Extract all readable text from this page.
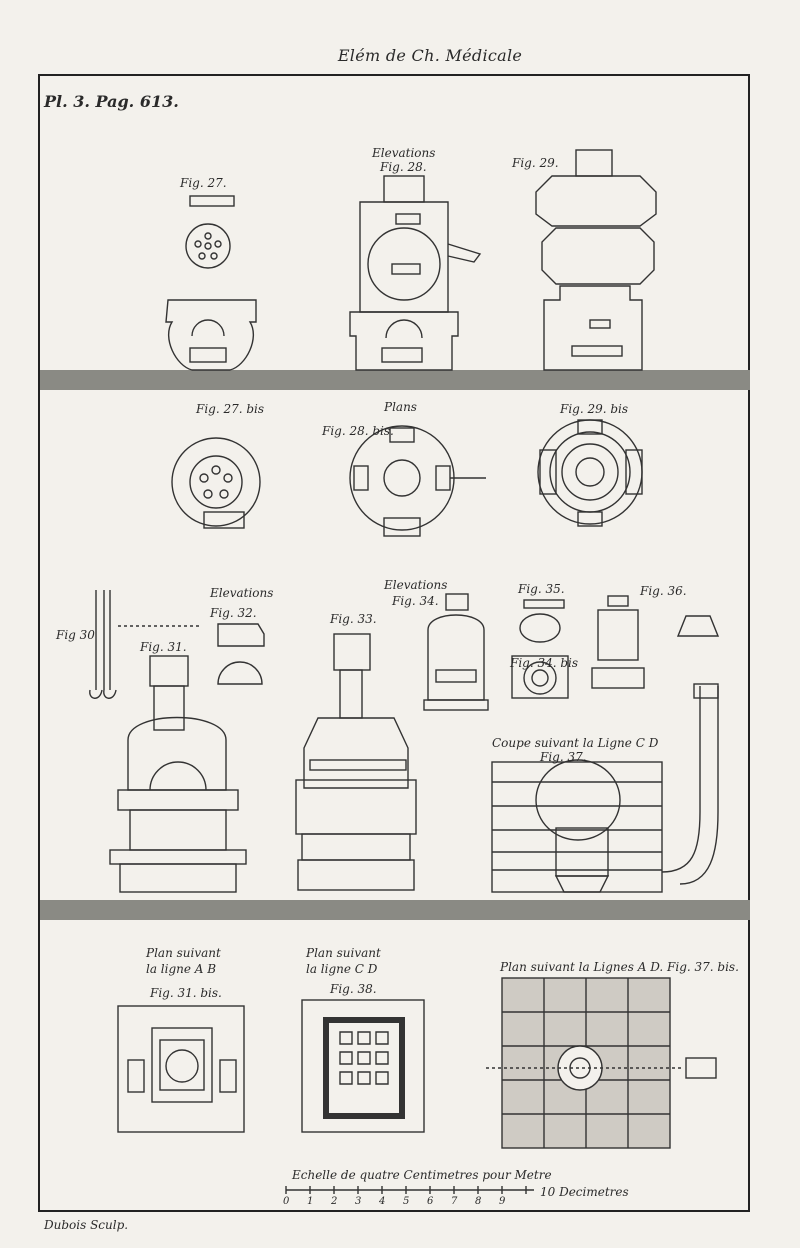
Elém de Ch. Médicale
Pl. 3. Pag. 613.
Fig. 27.
Elevations
Fig. 28.	Fig. 29.
Fig. 27. bis	Plans
Fig. 28. bis.
Fig. 29. bis
Fig 30
Elevations
Fig. 31.
Fig. 32.	Fig. 33.
Elevations
Fig. 34.
Fig. 35.
Fig. 34. bis
Fig. 36.
Coupe suivant la Ligne C D
Fig. 37.
Plan suivant
la ligne A B
Fig. 31. bis.
Plan suivant
la ligne C D
Fig. 38.
Plan suivant la Lignes A D. Fig. 37. bis.
Echelle de quatre Centimetres pour Metre
0 1 2 3 4 5 6 7 8 9
10 Decimetres
Dubois Sculp.
